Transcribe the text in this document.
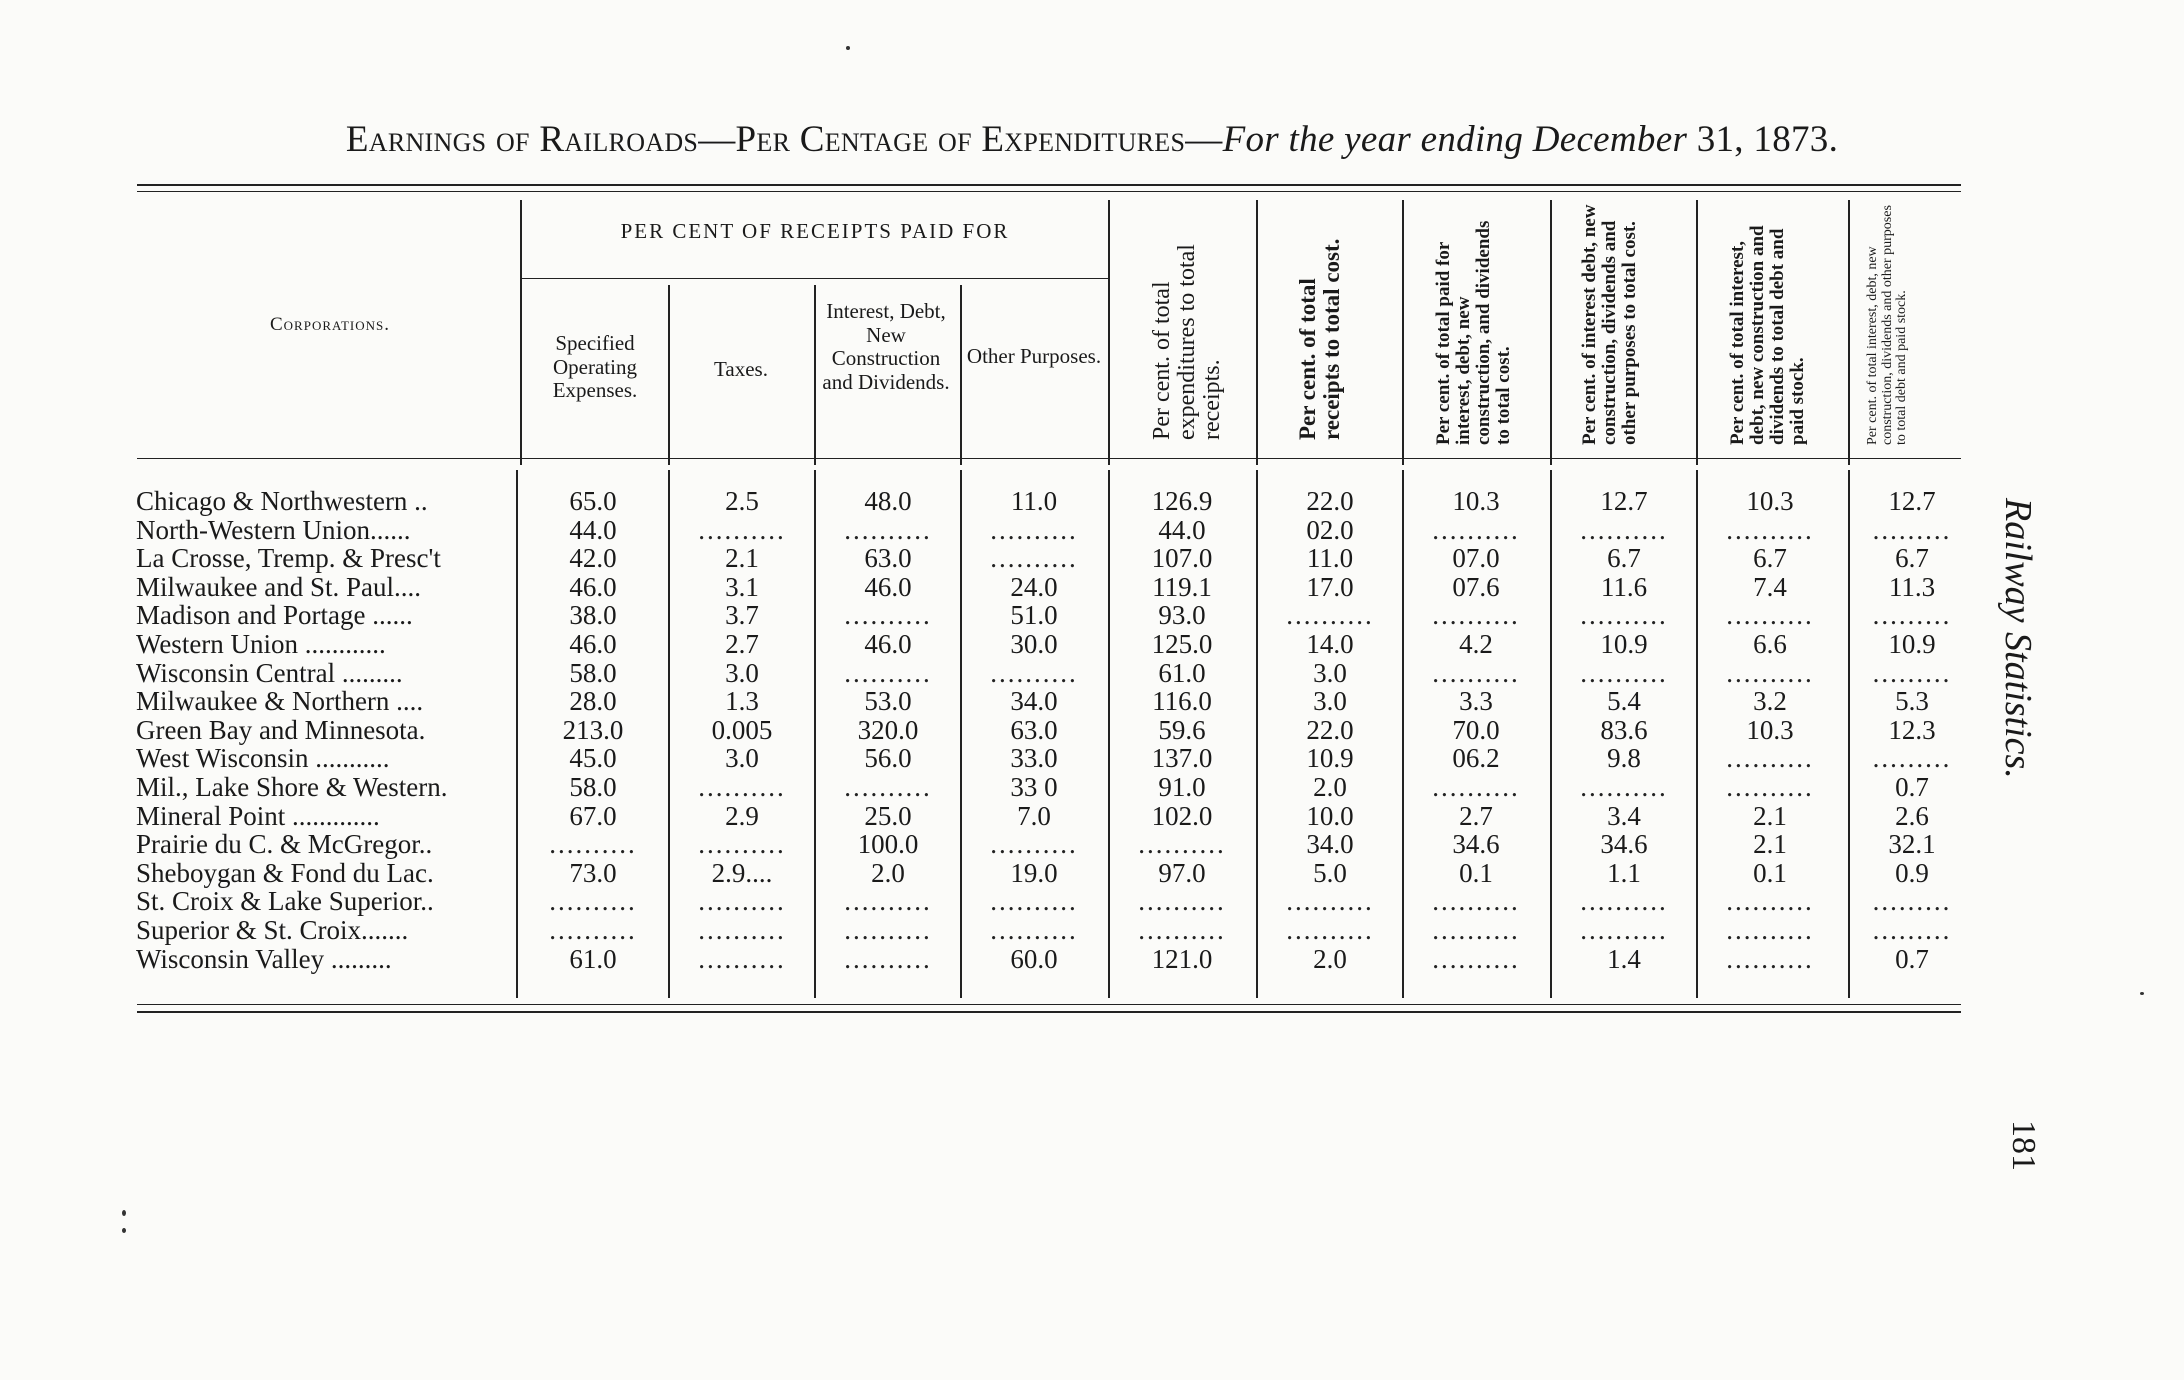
Earnings of Railroads—Per Centage of Expenditures—For the year ending December 31, 1873.
Corporations.
PER CENT OF RECEIPTS PAID FOR
Specified Operating Expenses.
Taxes.
Interest, Debt, New Construction and Dividends.
Other Purposes. Per cent. of total expenditures to total receipts.	Per cent. of total receipts to total cost.	Per cent. of total paid for interest, debt, new construction, and dividends to total cost.	Per cent. of interest debt, new construction, dividends and other purposes to total cost.	Per cent. of total interest, debt, new construction and dividends to total debt and paid stock.	Per cent. of total interest, debt, new construction, dividends and other purposes to total debt and paid stock.
Chicago & Northwestern ..	65.0	2.5	48.0	11.0	126.9	22.0	10.3	12.7	10.3	12.7
North-Western Union......	44.0	..........	..........	..........	44.0	02.0	..........	..........	..........	.........
La Crosse, Tremp. & Presc't	42.0	2.1	63.0	..........	107.0	11.0	07.0	6.7	6.7	6.7
Milwaukee and St. Paul....	46.0	3.1	46.0	24.0	119.1	17.0	07.6	11.6	7.4	11.3
Madison and Portage ......	38.0	3.7	..........	51.0	93.0	..........	..........	..........	..........	.........
Western Union ............	46.0	2.7	46.0	30.0	125.0	14.0	4.2	10.9	6.6	10.9
Wisconsin Central .........	58.0	3.0	..........	..........	61.0	3.0	..........	..........	..........	.........
Milwaukee & Northern ....	28.0	1.3	53.0	34.0	116.0	3.0	3.3	5.4	3.2	5.3
Green Bay and Minnesota.	213.0	0.005	320.0	63.0	59.6	22.0	70.0	83.6	10.3	12.3
West Wisconsin ...........	45.0	3.0	56.0	33.0	137.0	10.9	06.2	9.8	..........	.........
Mil., Lake Shore & Western.	58.0	..........	..........	33 0	91.0	2.0	..........	..........	..........	0.7
Mineral Point .............	67.0	2.9	25.0	7.0	102.0	10.0	2.7	3.4	2.1	2.6
Prairie du C. & McGregor..	..........	..........	100.0	..........	..........	34.0	34.6	34.6	2.1	32.1
Sheboygan & Fond du Lac.	73.0	2.9....	2.0	19.0	97.0	5.0	0.1	1.1	0.1	0.9
St. Croix & Lake Superior..	..........	..........	..........	..........	..........	..........	..........	..........	..........	.........
Superior & St. Croix.......	..........	..........	..........	..........	..........	..........	..........	..........	..........	.........
Wisconsin Valley .........	61.0	..........	..........	60.0	121.0	2.0	..........	1.4	..........	0.7
Railway Statistics.
181
